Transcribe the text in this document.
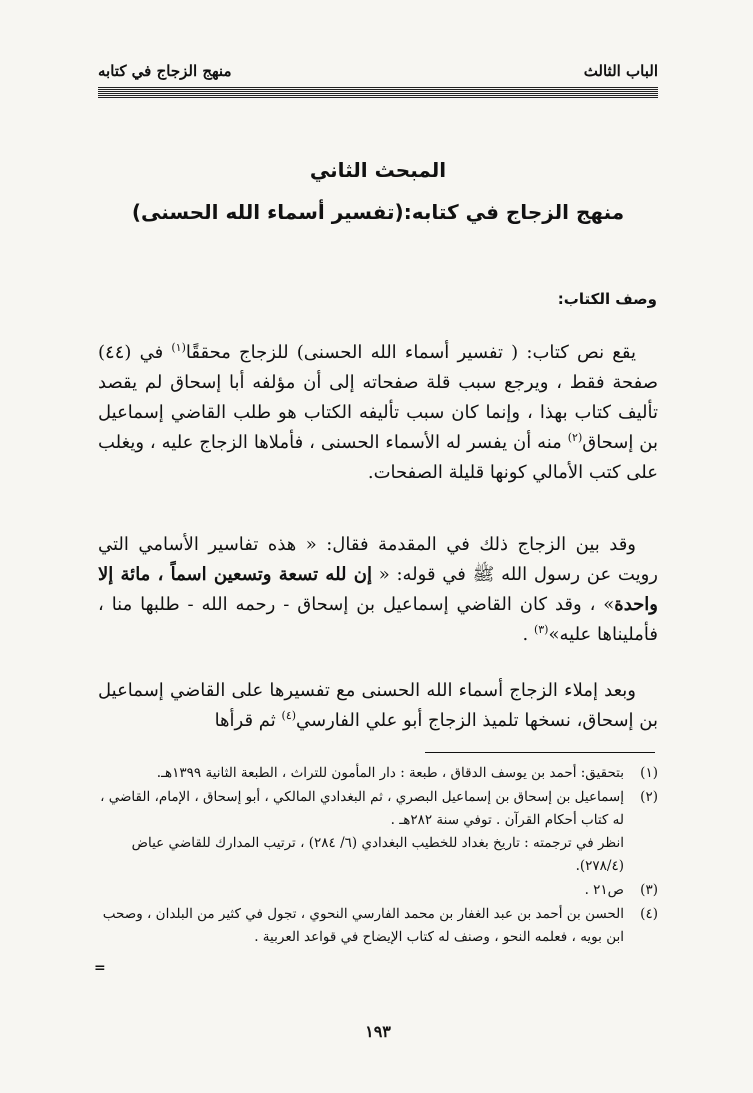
الباب الثالث
منهج الزجاج في كتابه
المبحث الثاني
منهج الزجاج في كتابه:(تفسير أسماء الله الحسنى)
وصف الكتاب:

يقع نص كتاب: ( تفسير أسماء الله الحسنى) للزجاج محققًا$^{(١)}$ في (٤٤) صفحة فقط ، ويرجع سبب قلة صفحاته إلى أن مؤلفه أبا إسحاق لم يقصد تأليف كتاب بهذا ، وإنما كان سبب تأليفه الكتاب هو طلب القاضي إسماعيل بن إسحاق$^{(٢)}$ منه أن يفسر له الأسماء الحسنى ، فأملاها الزجاج عليه ، ويغلب على كتب الأمالي كونها قليلة الصفحات.

وقد بين الزجاج ذلك في المقدمة فقال: « هذه تفاسير الأسامي التي رويت عن رسول الله ﷺ في قوله: « إن لله تسعة وتسعين اسماً ، مائة إلا واحدة» ، وقد كان القاضي إسماعيل بن إسحاق - رحمه الله - طلبها منا ، فأمليناها عليه»$^{(٣)}$ .

وبعد إملاء الزجاج أسماء الله الحسنى مع تفسيرها على القاضي إسماعيل بن إسحاق، نسخها تلميذ الزجاج أبو علي الفارسي$^{(٤)}$ ثم قرأها

(١)
بتحقيق: أحمد بن يوسف الدقاق ، طبعة : دار المأمون للتراث ، الطبعة الثانية ١٣٩٩هـ.
(٢)
إسماعيل بن إسحاق بن إسماعيل البصري ، ثم البغدادي المالكي ، أبو إسحاق ، الإمام، القاضي ، له كتاب أحكام القرآن . توفي سنة ٢٨٢هـ .
انظر في ترجمته : تاريخ بغداد للخطيب البغدادي (٦/ ٢٨٤) ، ترتيب المدارك للقاضي عياض (٢٧٨/٤).
(٣)
ص٢١ .
(٤)
الحسن بن أحمد بن عبد الغفار بن محمد الفارسي النحوي ، تجول في كثير من البلدان ، وصحب ابن بويه ، فعلمه النحو ، وصنف له كتاب الإيضاح في قواعد العربية .
=
١٩٣
